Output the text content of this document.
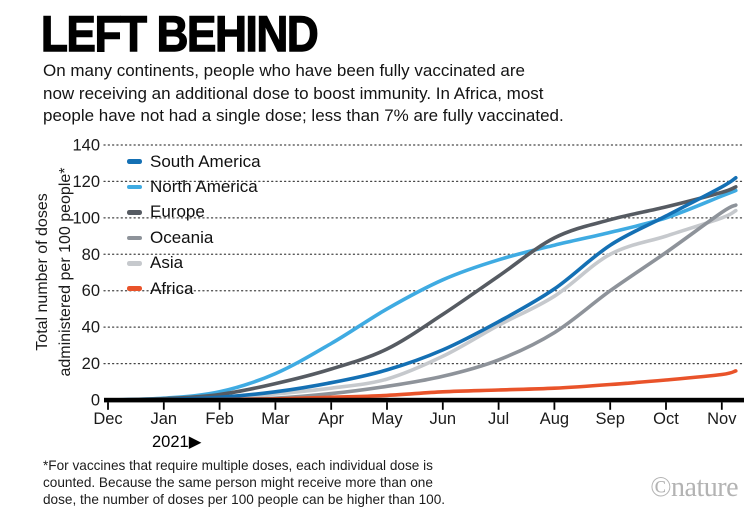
LEFT BEHIND
On many continents, people who have been fully vaccinated are
now receiving an additional dose to boost immunity. In Africa, most
people have not had a single dose; less than 7% are fully vaccinated.
Total number of doses administered per 100 people*
0
20
40
60
80
100
120
140
Dec Jan Feb Mar Apr May Jun Jul Aug Sep Oct Nov
2021▶
South America
North America
Europe
Oceania
Asia
Africa
*For vaccines that require multiple doses, each individual dose is
counted. Because the same person might receive more than one
dose, the number of doses per 100 people can be higher than 100.	©nature
